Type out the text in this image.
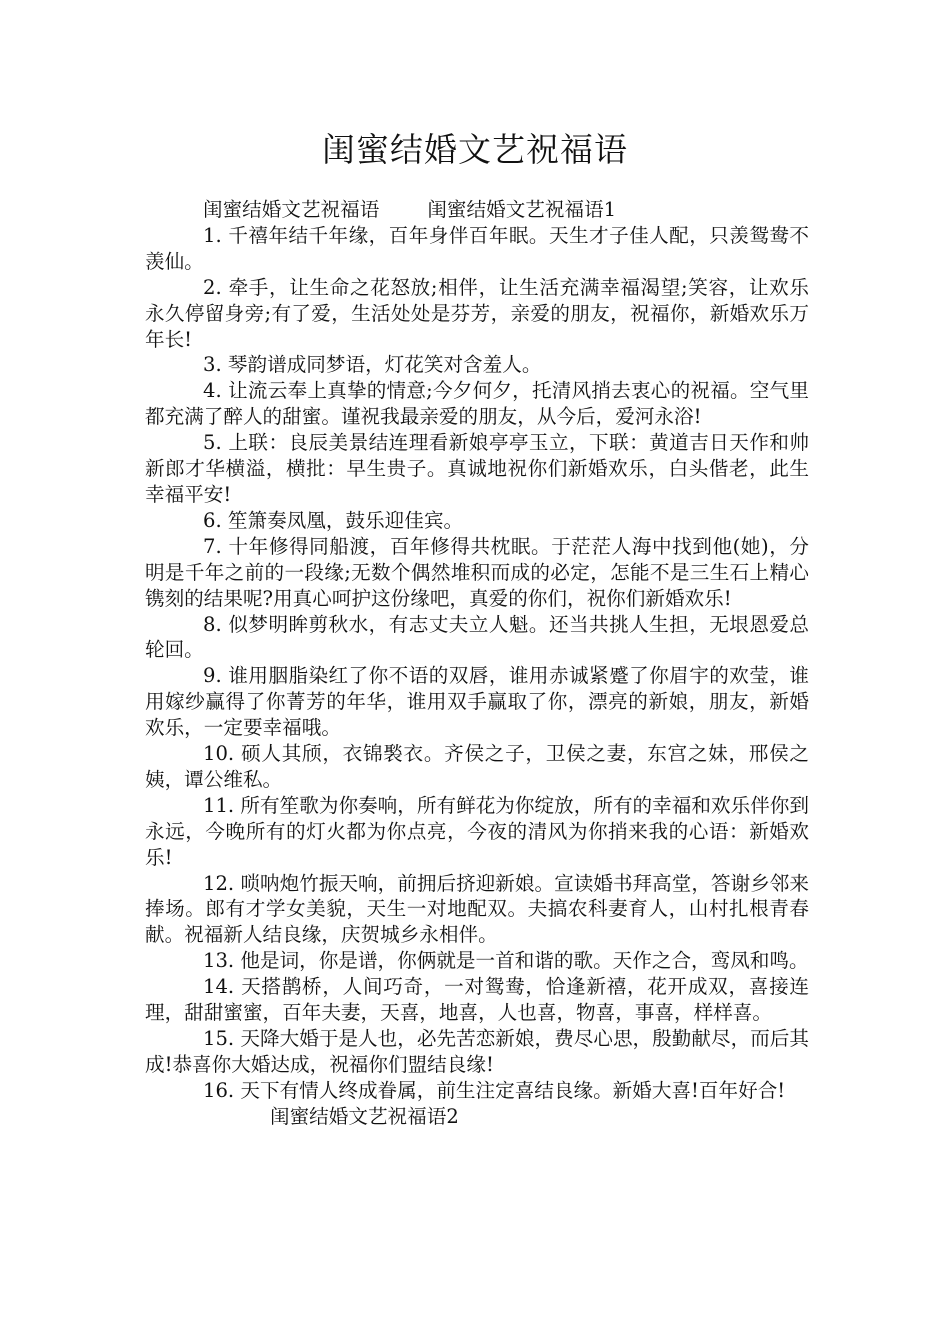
闺蜜结婚文艺祝福语

闺蜜结婚文艺祝福语 闺蜜结婚文艺祝福语1

1. 千禧年结千年缘，百年身伴百年眠。天生才子佳人配，只羡鸳鸯不羡仙。

2. 牵手，让生命之花怒放;相伴，让生活充满幸福渴望;笑容，让欢乐永久停留身旁;有了爱，生活处处是芬芳，亲爱的朋友，祝福你，新婚欢乐万年长!

3. 琴韵谱成同梦语，灯花笑对含羞人。

4. 让流云奉上真挚的情意;今夕何夕，托清风捎去衷心的祝福。空气里都充满了醉人的甜蜜。谨祝我最亲爱的朋友，从今后，爱河永浴!

5. 上联：良辰美景结连理看新娘亭亭玉立，下联：黄道吉日天作和帅新郎才华横溢，横批：早生贵子。真诚地祝你们新婚欢乐，白头偕老，此生幸福平安!

6. 笙箫奏凤凰，鼓乐迎佳宾。

7. 十年修得同船渡，百年修得共枕眠。于茫茫人海中找到他(她)，分明是千年之前的一段缘;无数个偶然堆积而成的必定，怎能不是三生石上精心镌刻的结果呢?用真心呵护这份缘吧，真爱的你们，祝你们新婚欢乐!

8. 似梦明眸剪秋水，有志丈夫立人魁。还当共挑人生担，无垠恩爱总轮回。

9. 谁用胭脂染红了你不语的双唇，谁用赤诚紧蹙了你眉宇的欢莹，谁用嫁纱赢得了你菁芳的年华，谁用双手赢取了你，漂亮的新娘，朋友，新婚欢乐，一定要幸福哦。

10. 硕人其颀，衣锦褧衣。齐侯之子，卫侯之妻，东宫之妹，邢侯之姨，谭公维私。

11. 所有笙歌为你奏响，所有鲜花为你绽放，所有的幸福和欢乐伴你到永远，今晚所有的灯火都为你点亮，今夜的清风为你捎来我的心语：新婚欢乐!

12. 唢呐炮竹振天响，前拥后挤迎新娘。宣读婚书拜高堂，答谢乡邻来捧场。郎有才学女美貌，天生一对地配双。夫搞农科妻育人，山村扎根青春献。祝福新人结良缘，庆贺城乡永相伴。

13. 他是词，你是谱，你俩就是一首和谐的歌。天作之合，鸾凤和鸣。

14. 天搭鹊桥，人间巧奇，一对鸳鸯，恰逢新禧，花开成双，喜接连理，甜甜蜜蜜，百年夫妻，天喜，地喜，人也喜，物喜，事喜，样样喜。

15. 天降大婚于是人也，必先苦恋新娘，费尽心思，殷勤献尽，而后其成!恭喜你大婚达成，祝福你们盟结良缘!

16. 天下有情人终成眷属，前生注定喜结良缘。新婚大喜!百年好合!

闺蜜结婚文艺祝福语2
